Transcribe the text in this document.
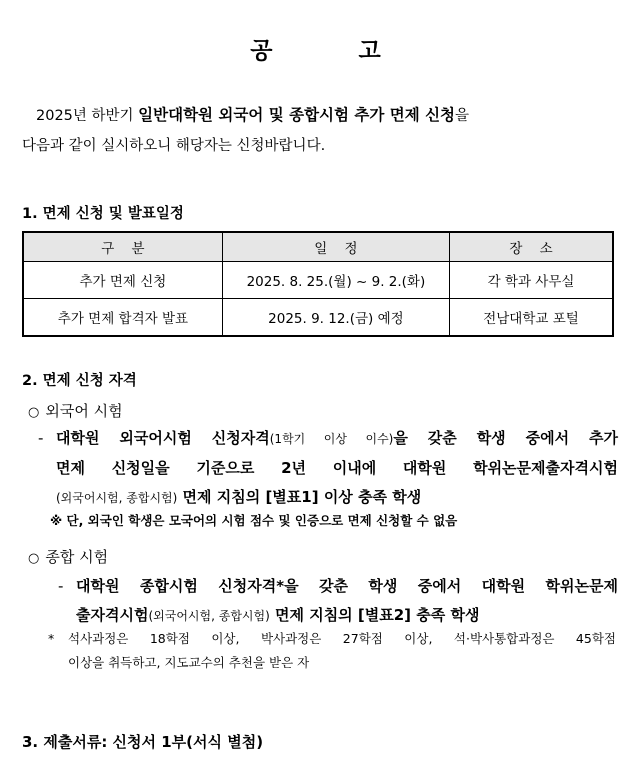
공	고
2025년 하반기 일반대학원 외국어 및 종합시험 추가 면제 신청을
다음과 같이 실시하오니 해당자는 신청바랍니다.
1. 면제 신청 및 발표일정
구    분	일    정	장    소
추가 면제 신청	2025. 8. 25.(월) ~ 9. 2.(화)	각 학과 사무실
추가 면제 합격자 발표	2025. 9. 12.(금) 예정	전남대학교 포털
2. 면제 신청 자격
○ 외국어 시험
- 대학원 외국어시험 신청자격(1학기 이상 이수)을 갖춘 학생 중에서 추가
면제 신청일을 기준으로 2년 이내에 대학원 학위논문제출자격시험
(외국어시험, 종합시험) 면제 지침의 [별표1] 이상 충족 학생
※ 단, 외국인 학생은 모국어의 시험 점수 및 인증으로 면제 신청할 수 없음
○ 종합 시험
- 대학원 종합시험 신청자격*을 갖춘 학생 중에서 대학원 학위논문제
출자격시험(외국어시험, 종합시험) 면제 지침의 [별표2] 충족 학생
* 석사과정은 18학점 이상, 박사과정은 27학점 이상, 석·박사통합과정은 45학점
이상을 취득하고, 지도교수의 추천을 받은 자
3. 제출서류: 신청서 1부(서식 별첨)
